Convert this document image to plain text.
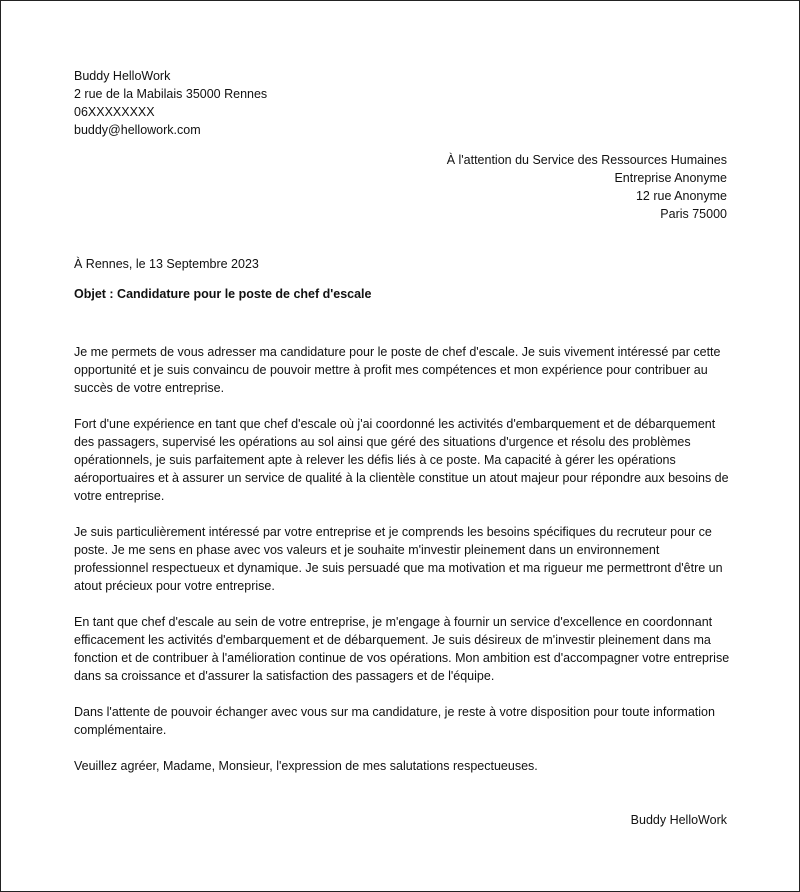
Buddy HelloWork
2 rue de la Mabilais 35000 Rennes
06XXXXXXXX
buddy@hellowork.com
À l'attention du Service des Ressources Humaines
Entreprise Anonyme
12 rue Anonyme
Paris 75000
À Rennes, le 13 Septembre 2023
Objet : Candidature pour le poste de chef d'escale

Je me permets de vous adresser ma candidature pour le poste de chef d'escale. Je suis vivement intéressé par cette opportunité et je suis convaincu de pouvoir mettre à profit mes compétences et mon expérience pour contribuer au succès de votre entreprise.

Fort d'une expérience en tant que chef d'escale où j'ai coordonné les activités d'embarquement et de débarquement des passagers, supervisé les opérations au sol ainsi que géré des situations d'urgence et résolu des problèmes opérationnels, je suis parfaitement apte à relever les défis liés à ce poste. Ma capacité à gérer les opérations aéroportuaires et à assurer un service de qualité à la clientèle constitue un atout majeur pour répondre aux besoins de votre entreprise.

Je suis particulièrement intéressé par votre entreprise et je comprends les besoins spécifiques du recruteur pour ce poste. Je me sens en phase avec vos valeurs et je souhaite m'investir pleinement dans un environnement professionnel respectueux et dynamique. Je suis persuadé que ma motivation et ma rigueur me permettront d'être un atout précieux pour votre entreprise.

En tant que chef d'escale au sein de votre entreprise, je m'engage à fournir un service d'excellence en coordonnant efficacement les activités d'embarquement et de débarquement. Je suis désireux de m'investir pleinement dans ma fonction et de contribuer à l'amélioration continue de vos opérations. Mon ambition est d'accompagner votre entreprise dans sa croissance et d'assurer la satisfaction des passagers et de l'équipe.

Dans l'attente de pouvoir échanger avec vous sur ma candidature, je reste à votre disposition pour toute information complémentaire.

Veuillez agréer, Madame, Monsieur, l'expression de mes salutations respectueuses.

Buddy HelloWork
